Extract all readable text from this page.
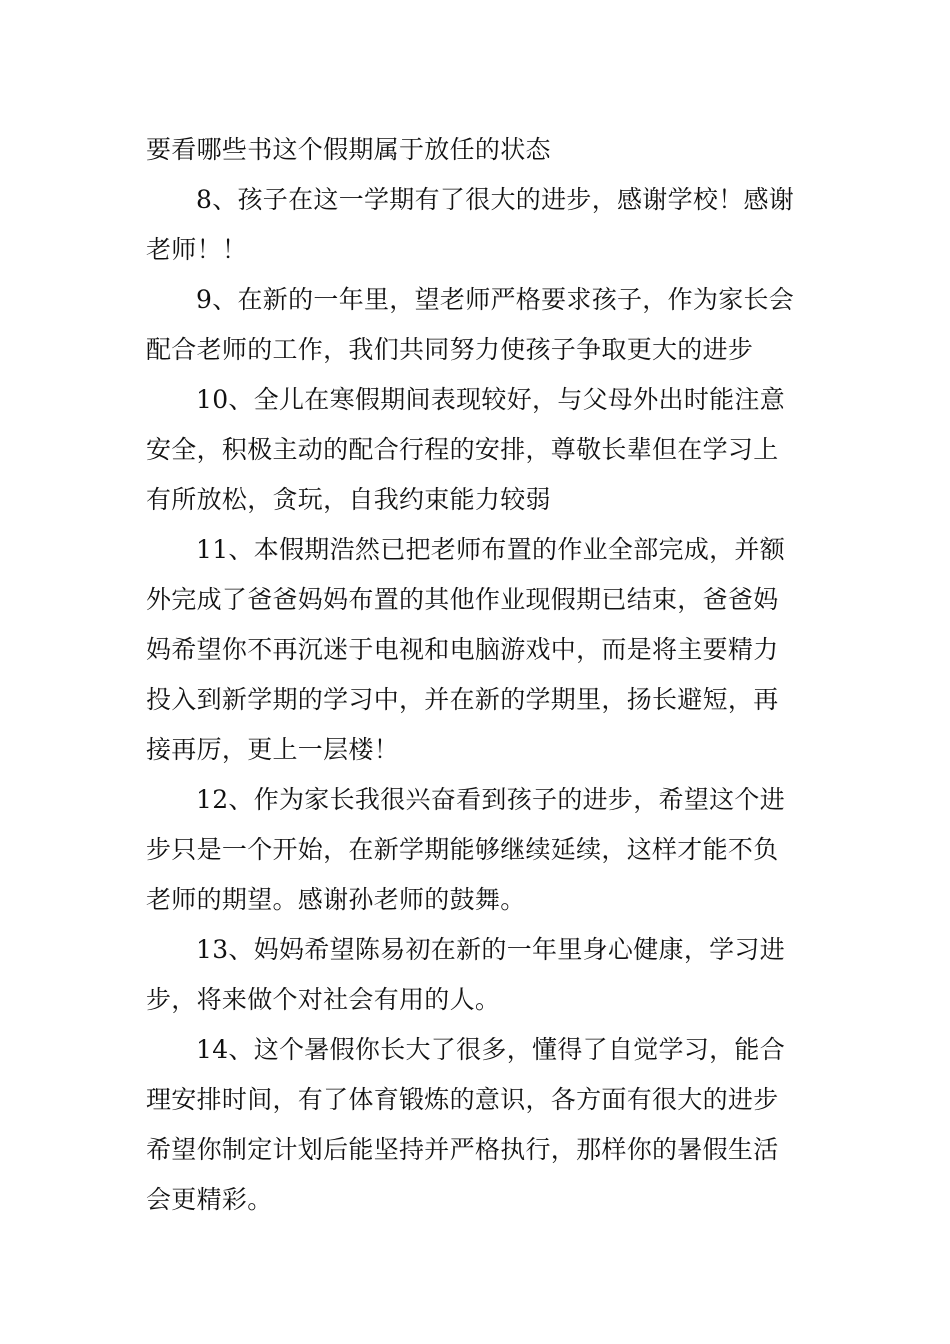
要看哪些书这个假期属于放任的状态
8、孩子在这一学期有了很大的进步，感谢学校！感谢
老师！！
9、在新的一年里，望老师严格要求孩子，作为家长会
配合老师的工作，我们共同努力使孩子争取更大的进步
10、全儿在寒假期间表现较好，与父母外出时能注意
安全，积极主动的配合行程的安排，尊敬长辈但在学习上
有所放松，贪玩，自我约束能力较弱
11、本假期浩然已把老师布置的作业全部完成，并额
外完成了爸爸妈妈布置的其他作业现假期已结束，爸爸妈
妈希望你不再沉迷于电视和电脑游戏中，而是将主要精力
投入到新学期的学习中，并在新的学期里，扬长避短，再
接再厉，更上一层楼！
12、作为家长我很兴奋看到孩子的进步，希望这个进
步只是一个开始，在新学期能够继续延续，这样才能不负
老师的期望。感谢孙老师的鼓舞。
13、妈妈希望陈易初在新的一年里身心健康，学习进
步，将来做个对社会有用的人。
14、这个暑假你长大了很多，懂得了自觉学习，能合
理安排时间，有了体育锻炼的意识，各方面有很大的进步
希望你制定计划后能坚持并严格执行，那样你的暑假生活
会更精彩。
